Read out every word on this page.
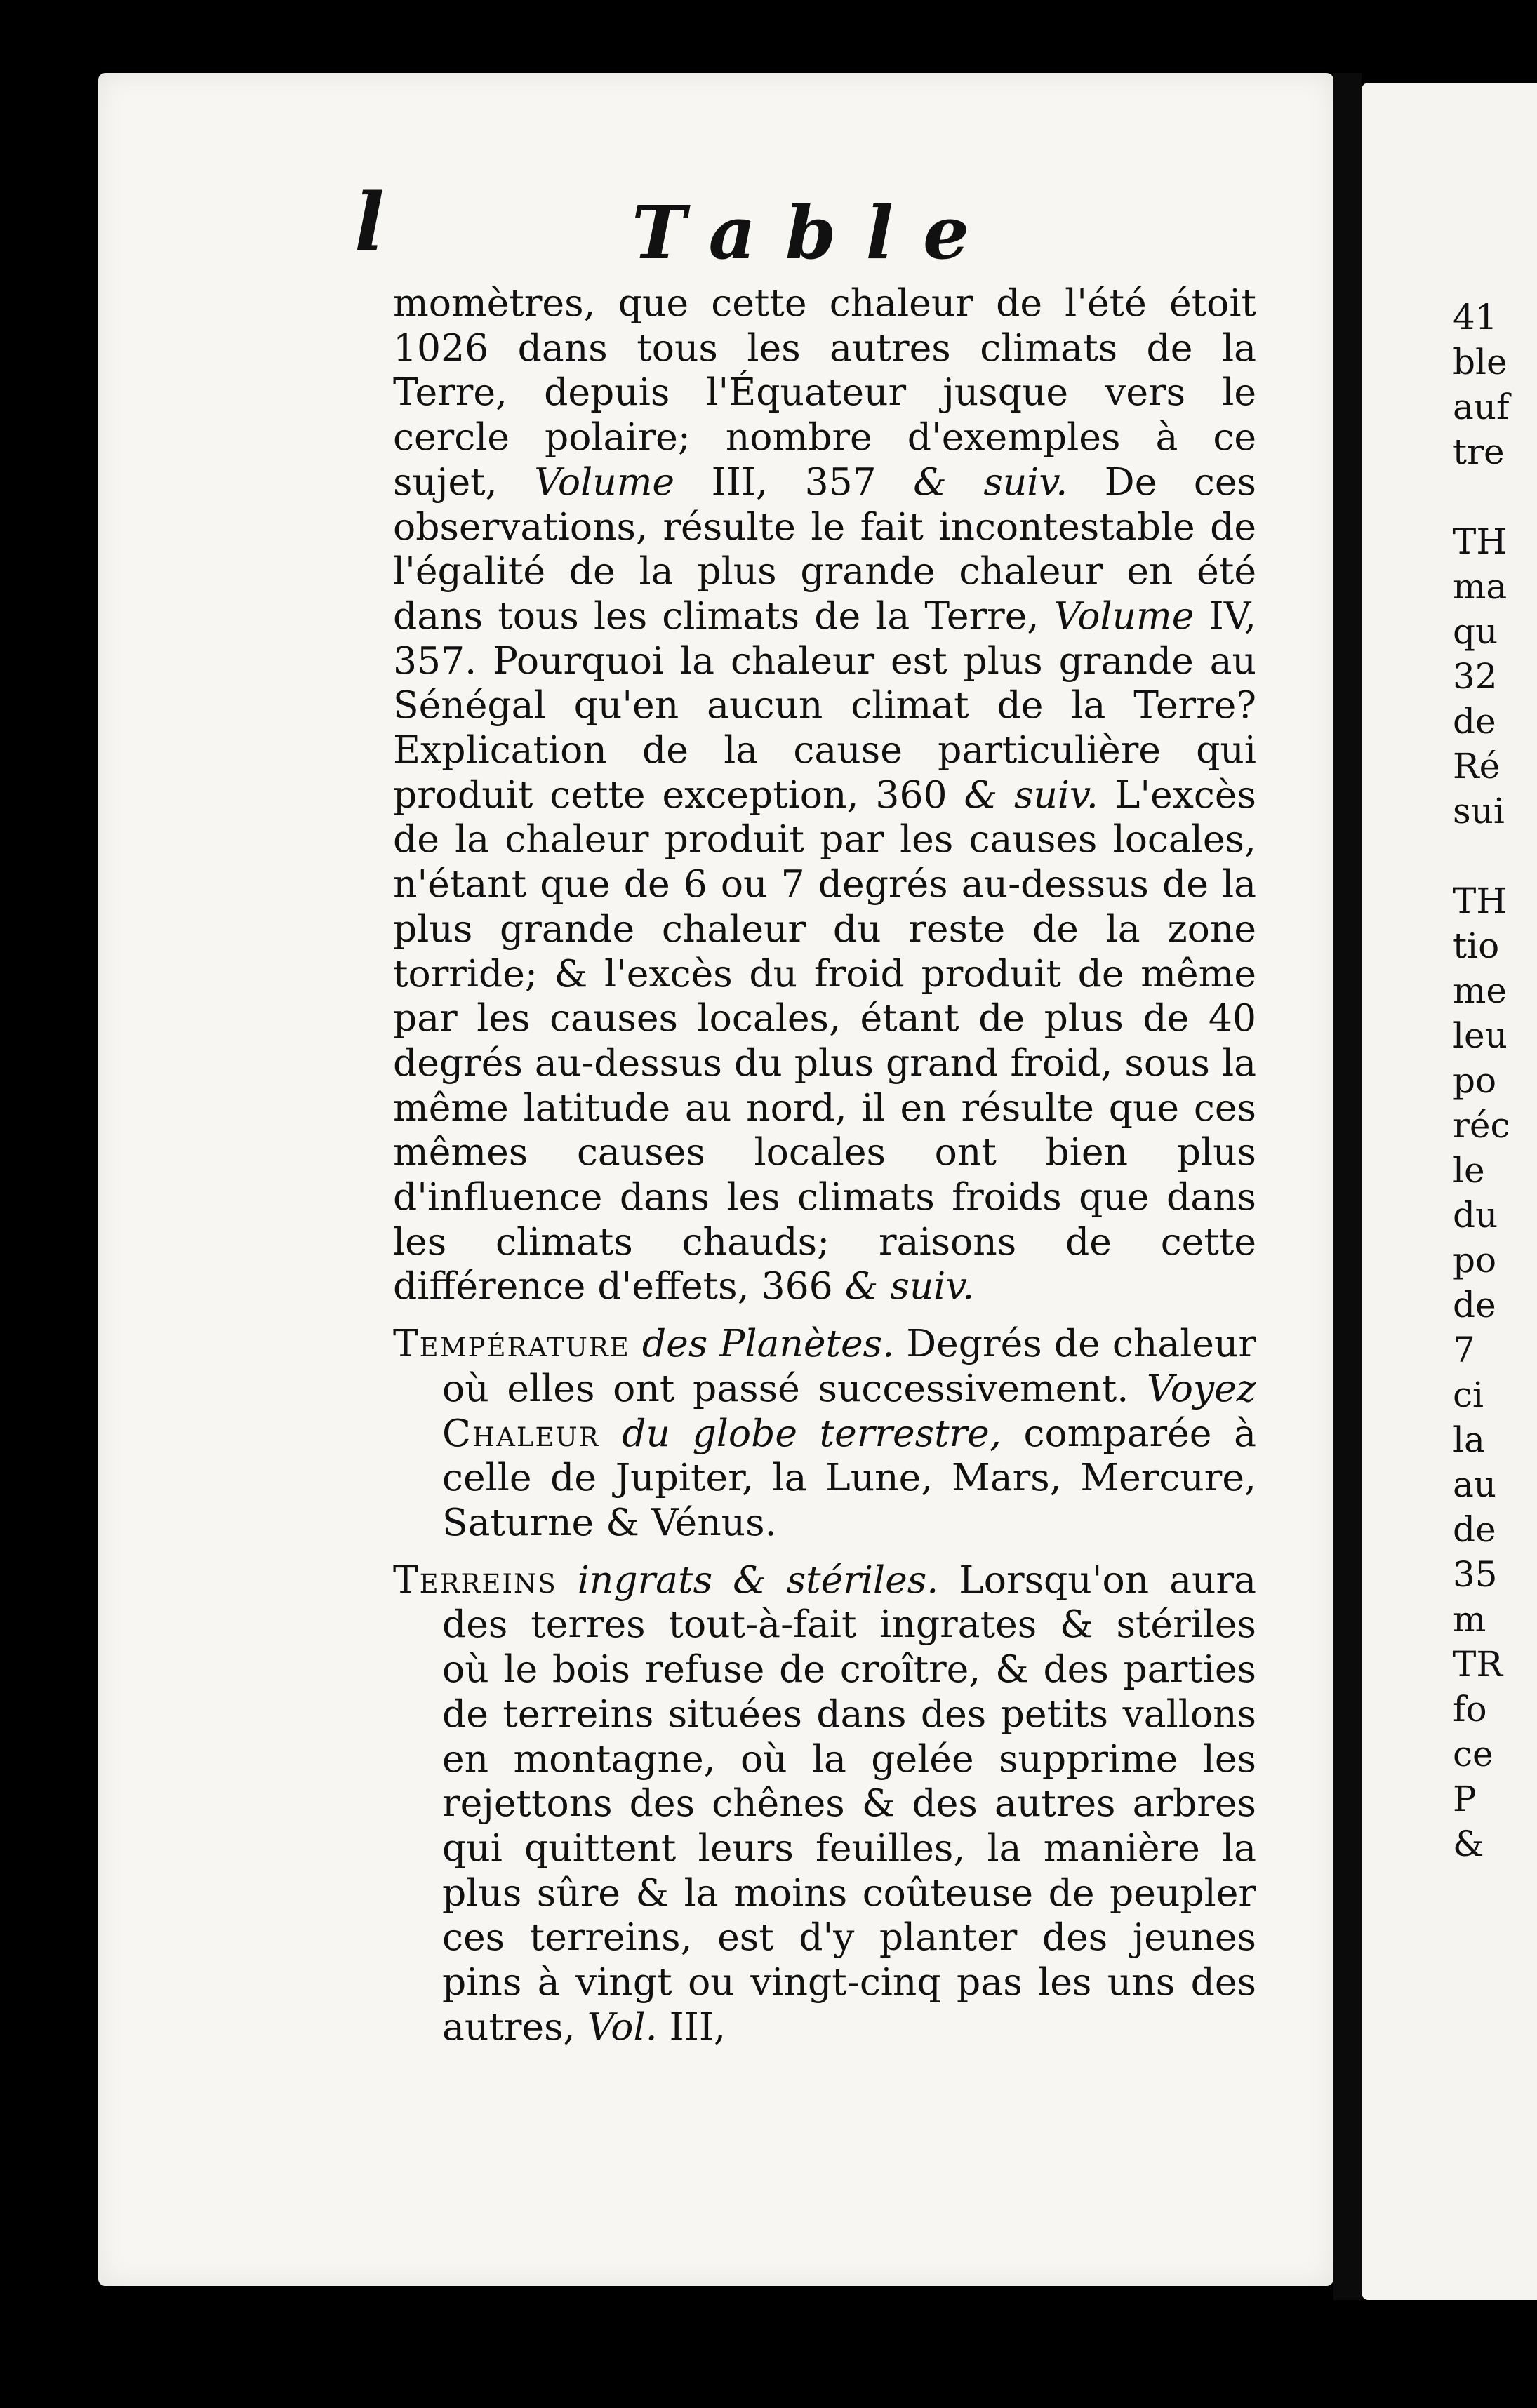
l	Table

momètres, que cette chaleur de l'été étoit 1026 dans tous les autres climats de la Terre, depuis l'Équateur jusque vers le cercle polaire; nombre d'exemples à ce sujet, Volume III, 357 & suiv. De ces observations, résulte le fait incontestable de l'égalité de la plus grande chaleur en été dans tous les climats de la Terre, Volume IV, 357. Pourquoi la chaleur est plus grande au Sénégal qu'en aucun climat de la Terre? Explication de la cause particulière qui produit cette exception, 360 & suiv. L'excès de la chaleur produit par les causes locales, n'étant que de 6 ou 7 degrés au-dessus de la plus grande chaleur du reste de la zone torride; & l'excès du froid produit de même par les causes locales, étant de plus de 40 degrés au-dessus du plus grand froid, sous la même latitude au nord, il en résulte que ces mêmes causes locales ont bien plus d'influence dans les climats froids que dans les climats chauds; raisons de cette différence d'effets, 366 & suiv.

Température des Planètes. Degrés de chaleur où elles ont passé successivement. Voyez Chaleur du globe terrestre, comparée à celle de Jupiter, la Lune, Mars, Mercure, Saturne & Vénus.

Terreins ingrats & stériles. Lorsqu'on aura des terres tout-à-fait ingrates & stériles où le bois refuse de croître, & des parties de terreins situées dans des petits vallons en montagne, où la gelée supprime les rejettons des chênes & des autres arbres qui quittent leurs feuilles, la manière la plus sûre & la moins coûteuse de peupler ces terreins, est d'y planter des jeunes pins à vingt ou vingt-cinq pas les uns des autres, Vol. III,

41
ble
auf
tre
TH
ma
qu
32
de
Ré
sui
TH
tio
me
leu
po
réc
le
du
po
de
7
ci
la
au
de
35
m
TR
fo
ce
P
&
